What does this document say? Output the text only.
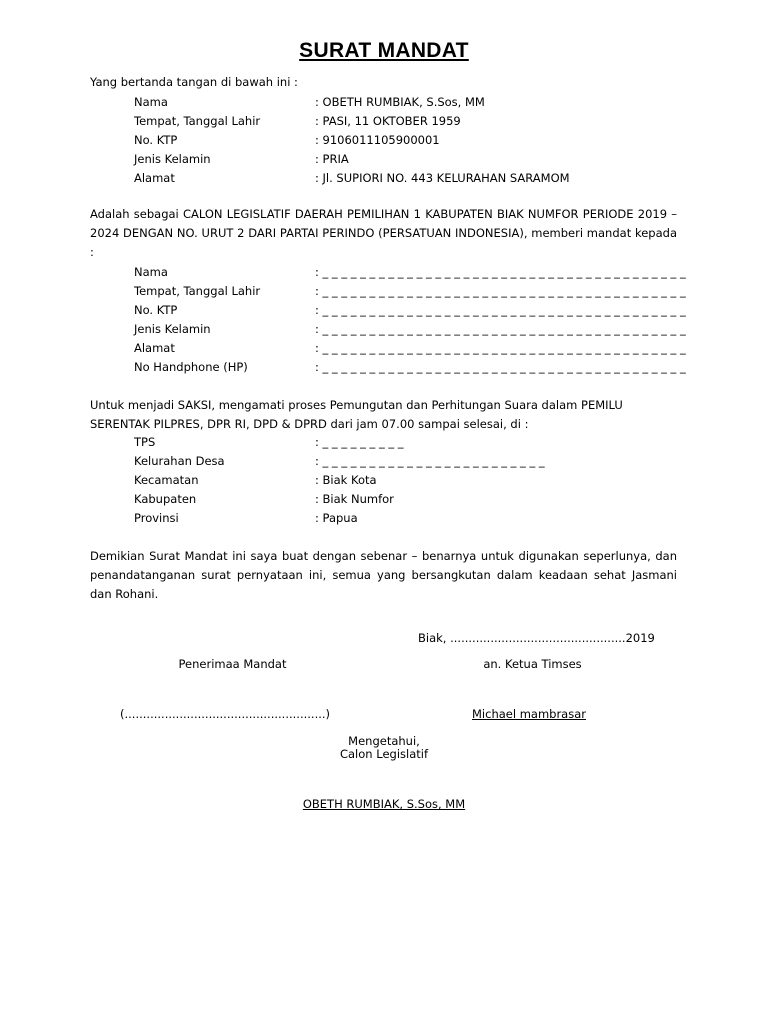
SURAT MANDAT
Yang bertanda tangan di bawah ini :
Nama	: OBETH RUMBIAK, S.Sos, MM
Tempat, Tanggal Lahir	: PASI, 11 OKTOBER 1959
No. KTP	: 9106011105900001
Jenis Kelamin	: PRIA
Alamat	: Jl. SUPIORI NO. 443 KELURAHAN SARAMOM
Adalah sebagai CALON LEGISLATIF DAERAH PEMILIHAN 1 KABUPATEN BIAK NUMFOR PERIODE 2019 – 2024 DENGAN NO. URUT 2 DARI PARTAI PERINDO (PERSATUAN INDONESIA), memberi mandat kepada :
Nama	: _ _ _ _ _ _ _ _ _ _ _ _ _ _ _ _ _ _ _ _ _ _ _ _ _ _ _ _ _ _ _ _ _ _ _ _ _ _ _
Tempat, Tanggal Lahir	: _ _ _ _ _ _ _ _ _ _ _ _ _ _ _ _ _ _ _ _ _ _ _ _ _ _ _ _ _ _ _ _ _ _ _ _ _ _ _
No. KTP	: _ _ _ _ _ _ _ _ _ _ _ _ _ _ _ _ _ _ _ _ _ _ _ _ _ _ _ _ _ _ _ _ _ _ _ _ _ _ _
Jenis Kelamin	: _ _ _ _ _ _ _ _ _ _ _ _ _ _ _ _ _ _ _ _ _ _ _ _ _ _ _ _ _ _ _ _ _ _ _ _ _ _ _
Alamat	: _ _ _ _ _ _ _ _ _ _ _ _ _ _ _ _ _ _ _ _ _ _ _ _ _ _ _ _ _ _ _ _ _ _ _ _ _ _ _
No Handphone (HP)	: _ _ _ _ _ _ _ _ _ _ _ _ _ _ _ _ _ _ _ _ _ _ _ _ _ _ _ _ _ _ _ _ _ _ _ _ _ _ _
Untuk menjadi SAKSI, mengamati proses Pemungutan dan Perhitungan Suara dalam PEMILU SERENTAK PILPRES, DPR RI, DPD & DPRD dari jam 07.00 sampai selesai, di :
TPS	: _ _ _ _ _ _ _ _ _
Kelurahan Desa	: _ _ _ _ _ _ _ _ _ _ _ _ _ _ _ _ _ _ _ _ _ _ _ _
Kecamatan	: Biak Kota
Kabupaten	: Biak Numfor
Provinsi	: Papua
Demikian Surat Mandat ini saya buat dengan sebenar – benarnya untuk digunakan seperlunya, dan penandatanganan surat pernyataan ini, semua yang bersangkutan dalam keadaan sehat Jasmani dan Rohani.
Biak, ................................................2019
Penerimaa Mandat	an. Ketua Timses
(.......................................................)	Michael mambrasar
Mengetahui,
Calon Legislatif
OBETH RUMBIAK, S.Sos, MM
